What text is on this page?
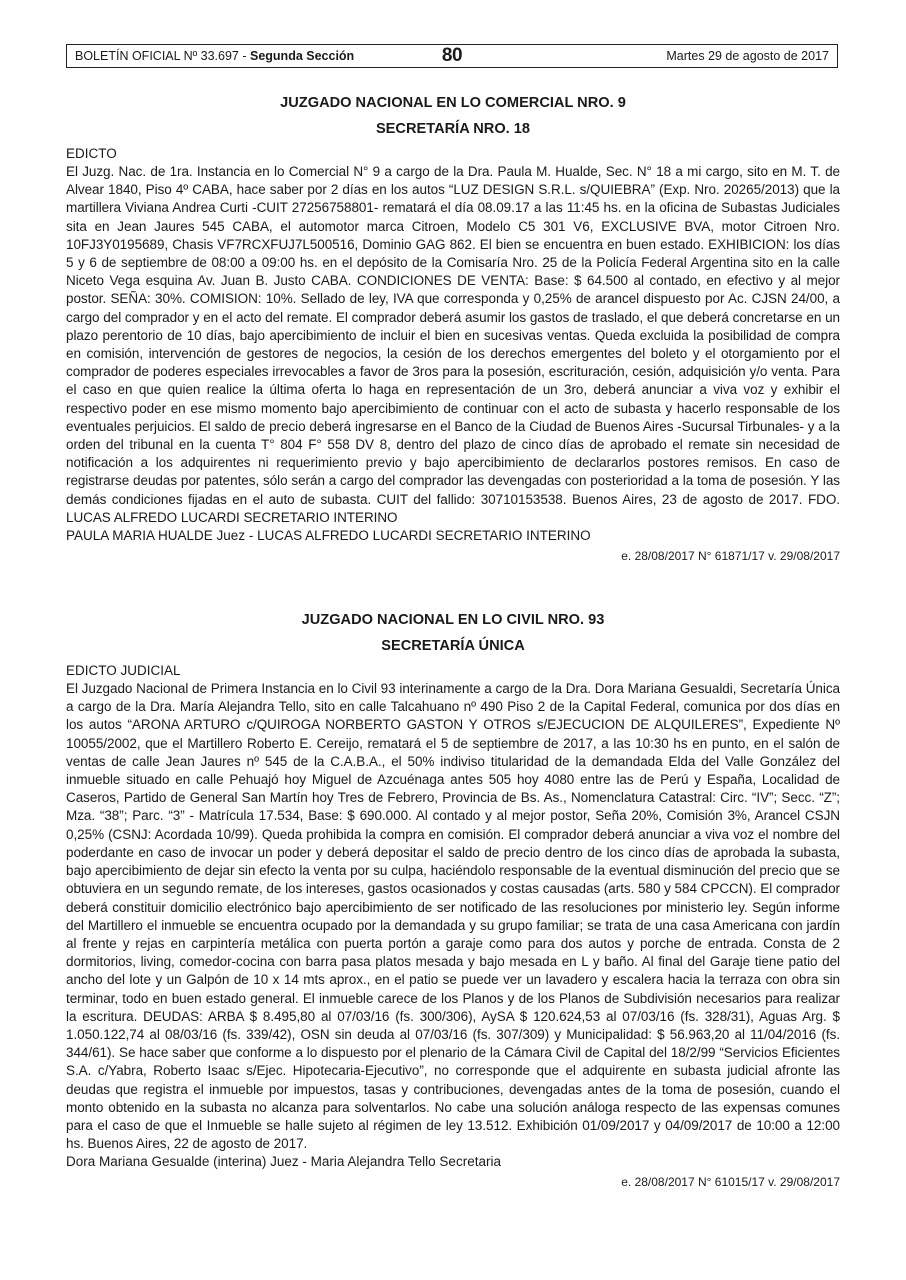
BOLETÍN OFICIAL Nº 33.697 - Segunda Sección	80	Martes 29 de agosto de 2017
JUZGADO NACIONAL EN LO COMERCIAL NRO. 9
SECRETARÍA NRO. 18
EDICTO
El Juzg. Nac. de 1ra. Instancia en lo Comercial N° 9 a cargo de la Dra. Paula M. Hualde, Sec. N° 18 a mi cargo, sito en M. T. de Alvear 1840, Piso 4º CABA, hace saber por 2 días en los autos “LUZ DESIGN S.R.L. s/QUIEBRA” (Exp. Nro. 20265/2013) que la martillera Viviana Andrea Curti -CUIT 27256758801- rematará el día 08.09.17 a las 11:45 hs. en la oficina de Subastas Judiciales sita en Jean Jaures 545 CABA, el automotor marca Citroen, Modelo C5 301 V6, EXCLUSIVE BVA, motor Citroen Nro. 10FJ3Y0195689, Chasis VF7RCXFUJ7L500516, Dominio GAG 862. El bien se encuentra en buen estado. EXHIBICION: los días 5 y 6 de septiembre de 08:00 a 09:00 hs. en el depósito de la Comisaría Nro. 25 de la Policía Federal Argentina sito en la calle Niceto Vega esquina Av. Juan B. Justo CABA. CONDICIONES DE VENTA: Base: $ 64.500 al contado, en efectivo y al mejor postor. SEÑA: 30%. COMISION: 10%. Sellado de ley, IVA que corresponda y 0,25% de arancel dispuesto por Ac. CJSN 24/00, a cargo del comprador y en el acto del remate. El comprador deberá asumir los gastos de traslado, el que deberá concretarse en un plazo perentorio de 10 días, bajo apercibimiento de incluir el bien en sucesivas ventas. Queda excluida la posibilidad de compra en comisión, intervención de gestores de negocios, la cesión de los derechos emergentes del boleto y el otorgamiento por el comprador de poderes especiales irrevocables a favor de 3ros para la posesión, escrituración, cesión, adquisición y/o venta. Para el caso en que quien realice la última oferta lo haga en representación de un 3ro, deberá anunciar a viva voz y exhibir el respectivo poder en ese mismo momento bajo apercibimiento de continuar con el acto de subasta y hacerlo responsable de los eventuales perjuicios. El saldo de precio deberá ingresarse en el Banco de la Ciudad de Buenos Aires -Sucursal Tirbunales- y a la orden del tribunal en la cuenta T° 804 F° 558 DV 8, dentro del plazo de cinco días de aprobado el remate sin necesidad de notificación a los adquirentes ni requerimiento previo y bajo apercibimiento de declararlos postores remisos. En caso de registrarse deudas por patentes, sólo serán a cargo del comprador las devengadas con posterioridad a la toma de posesión. Y las demás condiciones fijadas en el auto de subasta. CUIT del fallido: 30710153538. Buenos Aires, 23 de agosto de 2017. FDO. LUCAS ALFREDO LUCARDI SECRETARIO INTERINO
PAULA MARIA HUALDE Juez - LUCAS ALFREDO LUCARDI SECRETARIO INTERINO
e. 28/08/2017 N° 61871/17 v. 29/08/2017
JUZGADO NACIONAL EN LO CIVIL NRO. 93
SECRETARÍA ÚNICA
EDICTO JUDICIAL
El Juzgado Nacional de Primera Instancia en lo Civil 93 interinamente a cargo de la Dra. Dora Mariana Gesualdi, Secretaría Única a cargo de la Dra. María Alejandra Tello, sito en calle Talcahuano nº 490 Piso 2 de la Capital Federal, comunica por dos días en los autos “ARONA ARTURO c/QUIROGA NORBERTO GASTON Y OTROS s/EJECUCION DE ALQUILERES”, Expediente Nº 10055/2002, que el Martillero Roberto E. Cereijo, rematará el 5 de septiembre de 2017, a las 10:30 hs en punto, en el salón de ventas de calle Jean Jaures nº 545 de la C.A.B.A., el 50% indiviso titularidad de la demandada Elda del Valle González del inmueble situado en calle Pehuajó hoy Miguel de Azcuénaga antes 505 hoy 4080 entre las de Perú y España, Localidad de Caseros, Partido de General San Martín hoy Tres de Febrero, Provincia de Bs. As., Nomenclatura Catastral: Circ. “IV”; Secc. “Z”; Mza. “38”; Parc. “3” - Matrícula 17.534, Base: $ 690.000. Al contado y al mejor postor, Seña 20%, Comisión 3%, Arancel CSJN 0,25% (CSNJ: Acordada 10/99). Queda prohibida la compra en comisión. El comprador deberá anunciar a viva voz el nombre del poderdante en caso de invocar un poder y deberá depositar el saldo de precio dentro de los cinco días de aprobada la subasta, bajo apercibimiento de dejar sin efecto la venta por su culpa, haciéndolo responsable de la eventual disminución del precio que se obtuviera en un segundo remate, de los intereses, gastos ocasionados y costas causadas (arts. 580 y 584 CPCCN). El comprador deberá constituir domicilio electrónico bajo apercibimiento de ser notificado de las resoluciones por ministerio ley. Según informe del Martillero el inmueble se encuentra ocupado por la demandada y su grupo familiar; se trata de una casa Americana con jardín al frente y rejas en carpintería metálica con puerta portón a garaje como para dos autos y porche de entrada. Consta de 2 dormitorios, living, comedor-cocina con barra pasa platos mesada y bajo mesada en L y baño. Al final del Garaje tiene patio del ancho del lote y un Galpón de 10 x 14 mts aprox., en el patio se puede ver un lavadero y escalera hacia la terraza con obra sin terminar, todo en buen estado general. El inmueble carece de los Planos y de los Planos de Subdivisión necesarios para realizar la escritura. DEUDAS: ARBA $ 8.495,80 al 07/03/16 (fs. 300/306), AySA $ 120.624,53 al 07/03/16 (fs. 328/31), Aguas Arg. $ 1.050.122,74 al 08/03/16 (fs. 339/42), OSN sin deuda al 07/03/16 (fs. 307/309) y Municipalidad: $ 56.963,20 al 11/04/2016 (fs. 344/61). Se hace saber que conforme a lo dispuesto por el plenario de la Cámara Civil de Capital del 18/2/99 “Servicios Eficientes S.A. c/Yabra, Roberto Isaac s/Ejec. Hipotecaria-Ejecutivo”, no corresponde que el adquirente en subasta judicial afronte las deudas que registra el inmueble por impuestos, tasas y contribuciones, devengadas antes de la toma de posesión, cuando el monto obtenido en la subasta no alcanza para solventarlos. No cabe una solución análoga respecto de las expensas comunes para el caso de que el Inmueble se halle sujeto al régimen de ley 13.512. Exhibición 01/09/2017 y 04/09/2017 de 10:00 a 12:00 hs. Buenos Aires, 22 de agosto de 2017.
Dora Mariana Gesualde (interina) Juez - Maria Alejandra Tello Secretaria
e. 28/08/2017 N° 61015/17 v. 29/08/2017
